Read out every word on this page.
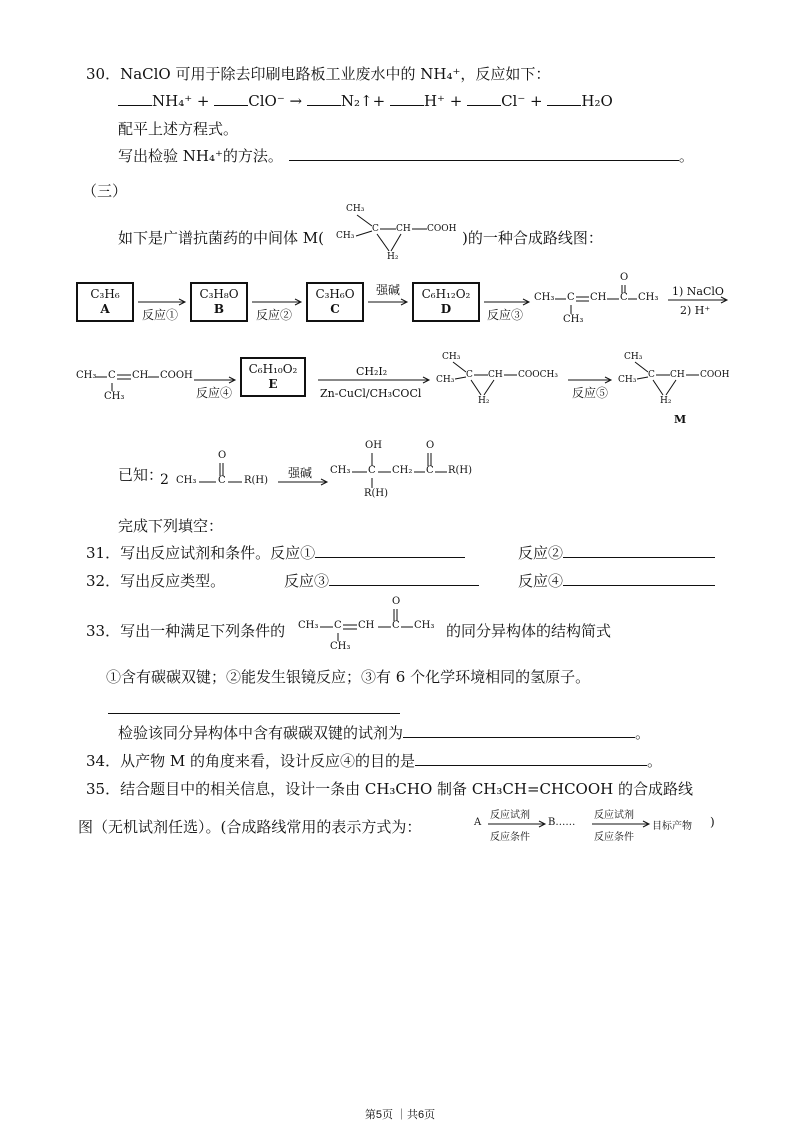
30．NaClO 可用于除去印刷电路板工业废水中的 NH₄⁺，反应如下：
NH₄⁺ +	ClO⁻ →	N₂↑+	H⁺ +	Cl⁻ +	H₂O
配平上述方程式。
写出检验 NH₄⁺的方法。	。
（三）
如下是广谱抗菌药的中间体 M(	)的一种合成路线图：
CH₃
CH₃
C CH COOH
H₂
C₃H₆
A	反应①
C₃H₈O
B	反应②
C₃H₆O
C
强碱	C₆H₁₂O₂
D	反应③
CH₃ C CH C CH₃
CH₃
O
1) NaClO
2) H⁺
CH₃ C CH COOH
CH₃	反应④
C₆H₁₀O₂
E
CH₂I₂
Zn-CuCl/CH₃COCl
CH₃
CH₃ C CH COOCH₃
H₂
反应⑤
CH₃
CH₃ C CH COOH
H₂
M
已知：
2 CH₃ C R(H)
O
强碱 CH₃ C CH₂ C R(H)
OH	O
R(H)
完成下列填空：
31．写出反应试剂和条件。反应①	反应②
32．写出反应类型。	反应③	反应④
33．写出一种满足下列条件的 CH₃ C CH C CH₃
CH₃
O
的同分异构体的结构简式
①含有碳碳双键；②能发生银镜反应；③有 6 个化学环境相同的氢原子。
检验该同分异构体中含有碳碳双键的试剂为	。
34．从产物 M 的角度来看，设计反应④的目的是	。
35．结合题目中的相关信息，设计一条由 CH₃CHO 制备 CH₃CH=CHCOOH 的合成路线
图（无机试剂任选）。(合成路线常用的表示方式为：	A
反应试剂
反应条件
B……
反应试剂
反应条件
目标产物 )
第5页 ｜共6页
